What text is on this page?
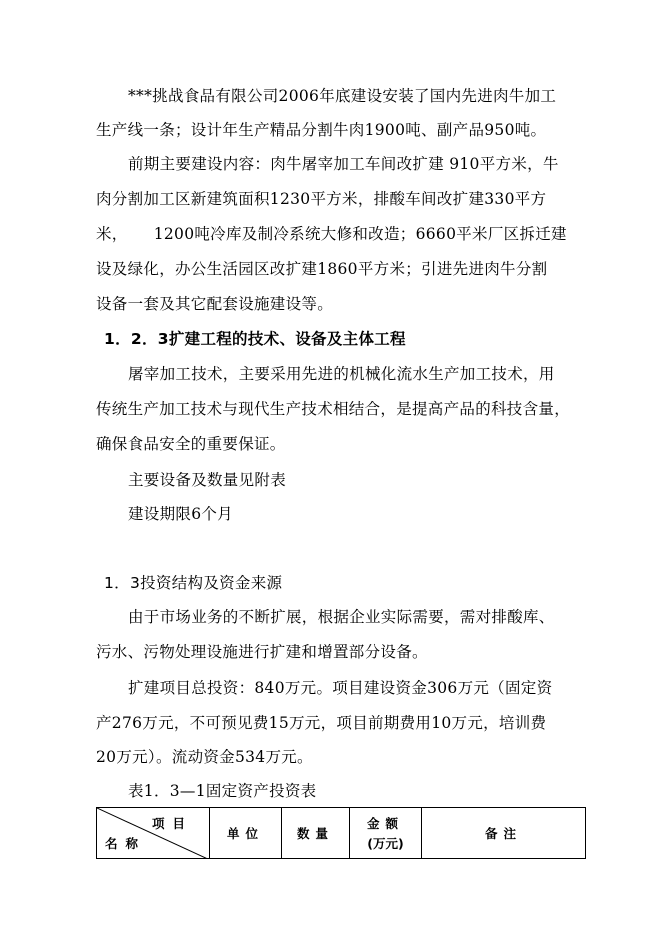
***挑战食品有限公司2006年底建设安装了国内先进肉牛加工
生产线一条；设计年生产精品分割牛肉1900吨、副产品950吨。
前期主要建设内容：肉牛屠宰加工车间改扩建 910平方米，牛
肉分割加工区新建筑面积1230平方米，排酸车间改扩建330平方
米，     1200吨冷库及制冷系统大修和改造；6660平米厂区拆迁建
设及绿化，办公生活园区改扩建1860平方米；引进先进肉牛分割
设备一套及其它配套设施建设等。
1．2．3扩建工程的技术、设备及主体工程
屠宰加工技术，主要采用先进的机械化流水生产加工技术，用
传统生产加工技术与现代生产技术相结合，是提高产品的科技含量，
确保食品安全的重要保证。
主要设备及数量见附表
建设期限6个月
1．3投资结构及资金来源
由于市场业务的不断扩展，根据企业实际需要，需对排酸库、
污水、污物处理设施进行扩建和增置部分设备。
扩建项目总投资：840万元。项目建设资金306万元（固定资
产276万元，不可预见费15万元，项目前期费用10万元，培训费
20万元）。流动资金534万元。
表1．3—1固定资产投资表
项目
名称
单位	数量
金额
(万元)
备注
